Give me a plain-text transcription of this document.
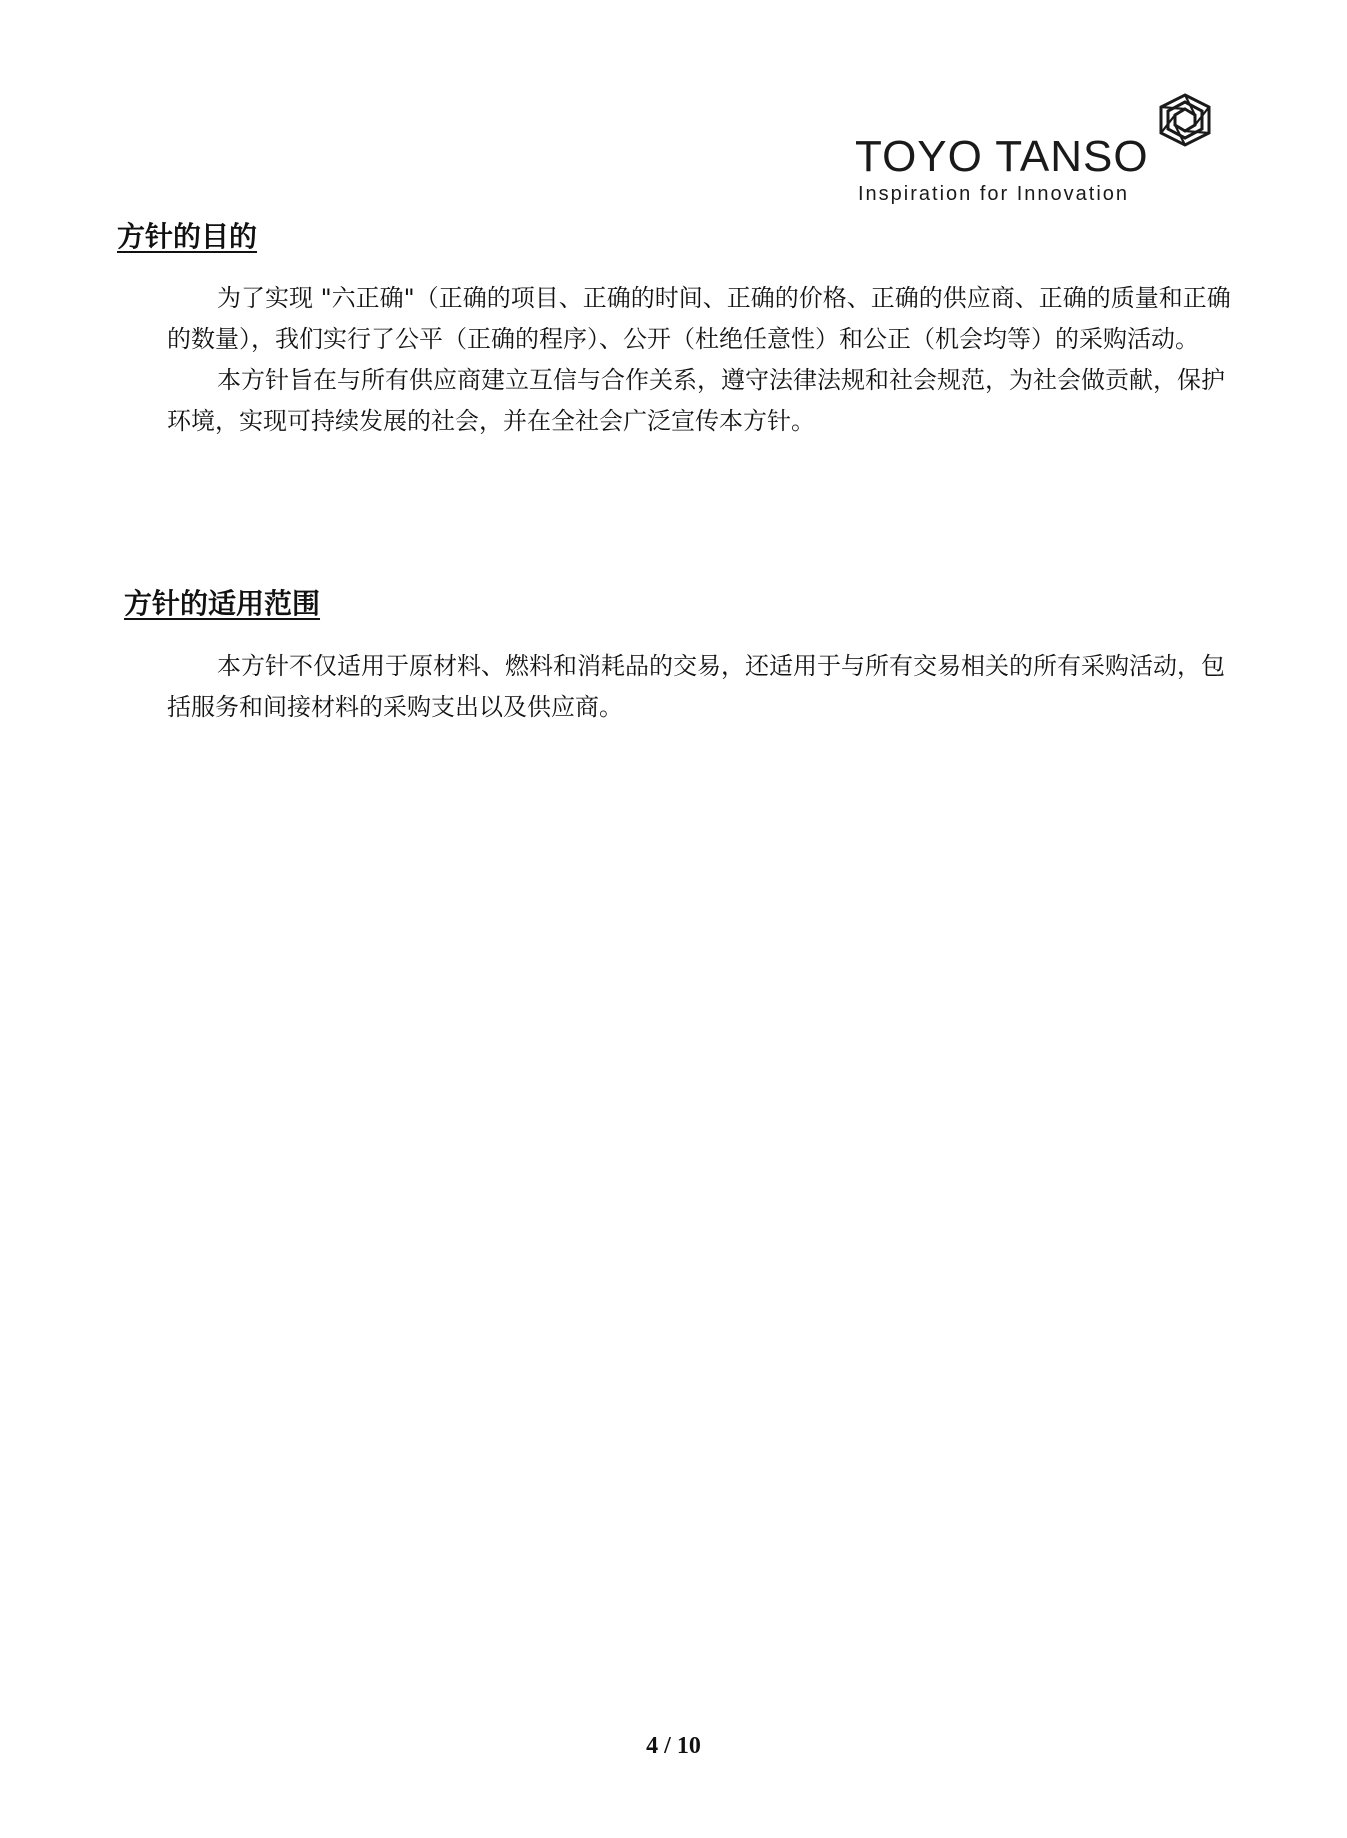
TOYO TANSO
Inspiration for Innovation
方针的目的

为了实现 "六正确"（正确的项目、正确的时间、正确的价格、正确的供应商、正确的质量和正确的数量），我们实行了公平（正确的程序）、公开（杜绝任意性）和公正（机会均等）的采购活动。

本方针旨在与所有供应商建立互信与合作关系，遵守法律法规和社会规范，为社会做贡献，保护环境，实现可持续发展的社会，并在全社会广泛宣传本方针。

方针的适用范围

本方针不仅适用于原材料、燃料和消耗品的交易，还适用于与所有交易相关的所有采购活动，包括服务和间接材料的采购支出以及供应商。

4 / 10
